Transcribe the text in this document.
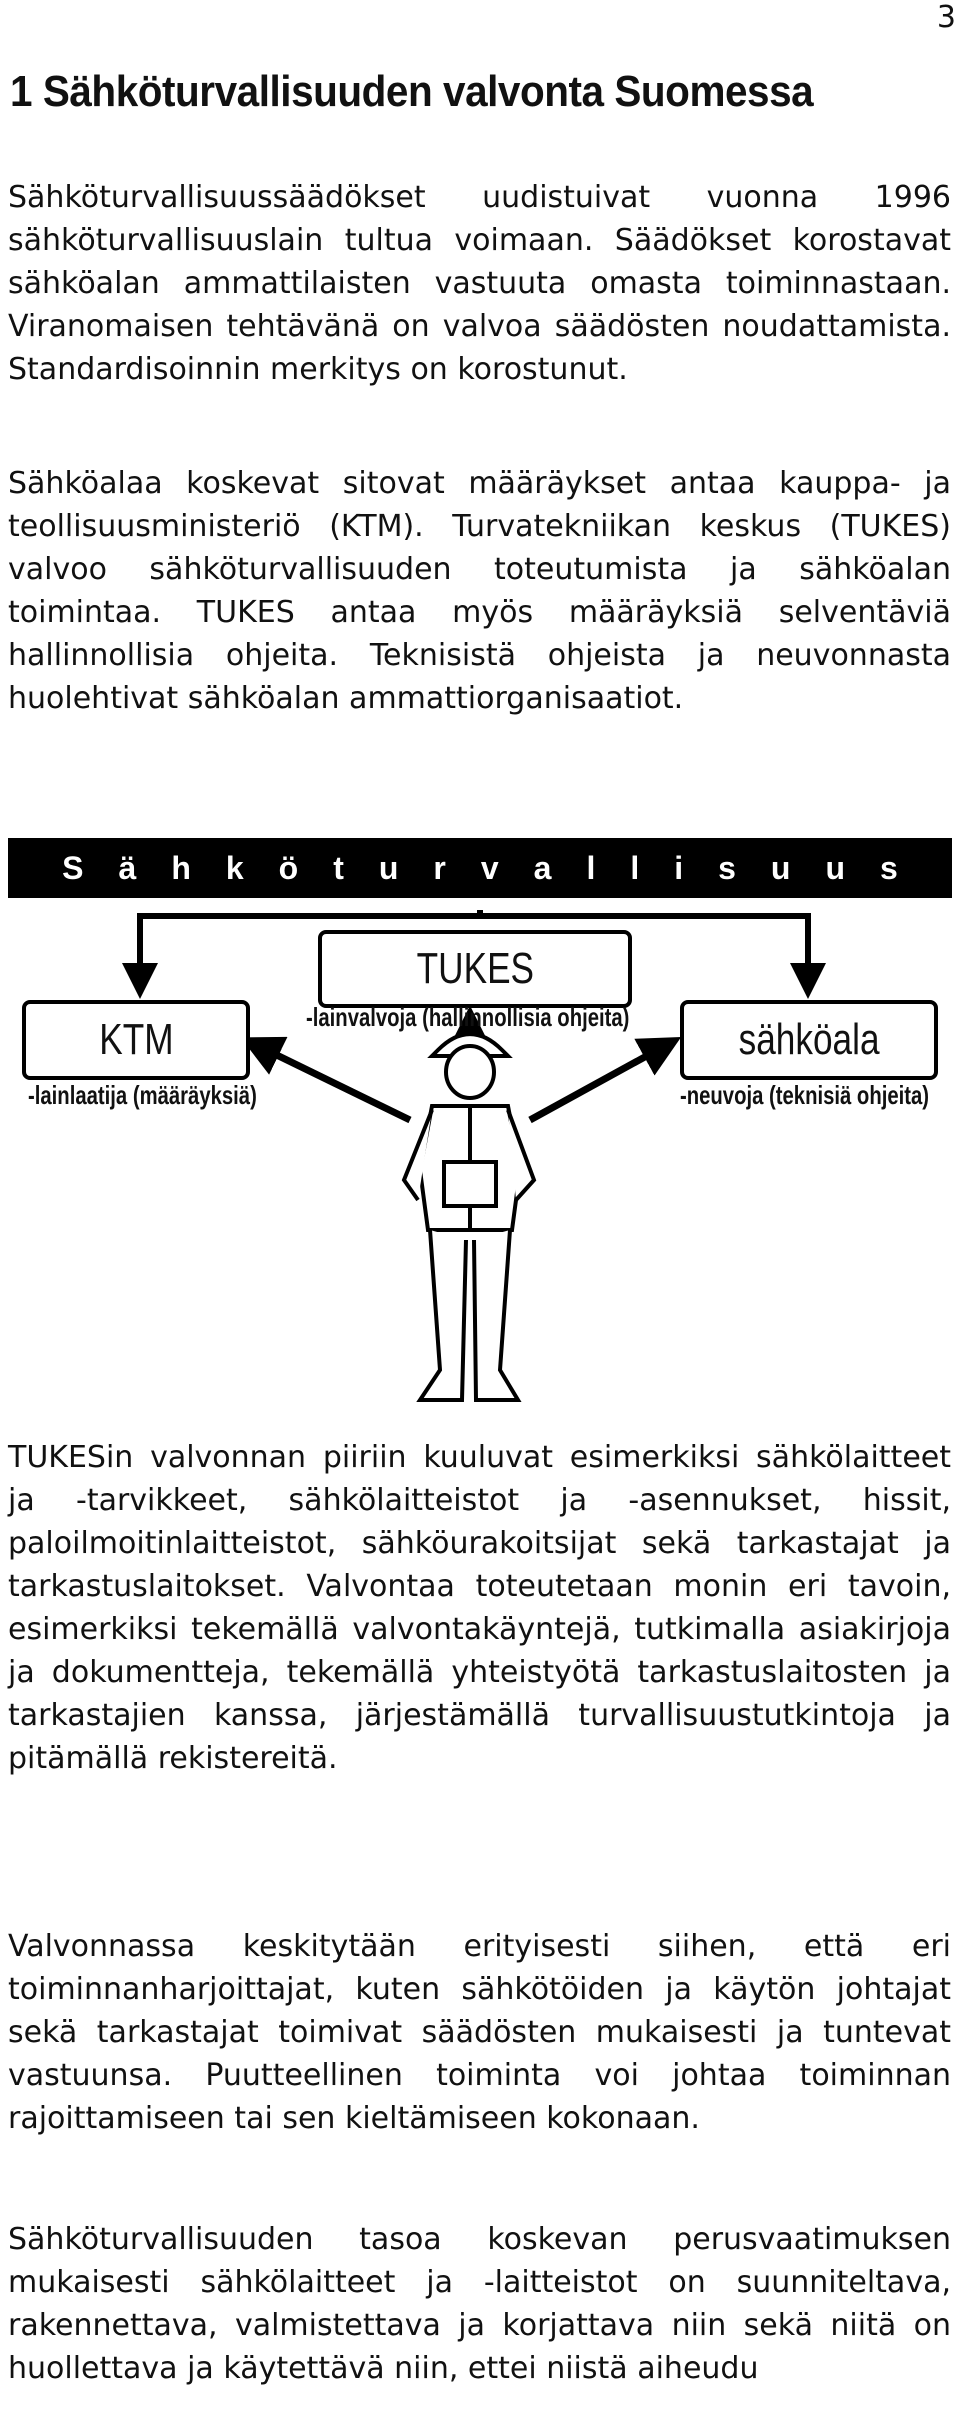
3
1 Sähköturvallisuuden valvonta Suomessa

Sähköturvallisuussäädökset uudistuivat vuonna 1996 sähköturvallisuuslain tultua voimaan. Säädökset korostavat sähköalan ammattilaisten vastuuta omasta toiminnastaan. Viranomaisen tehtävänä on valvoa säädösten noudattamista. Standardisoinnin merkitys on korostunut.

Sähköalaa koskevat sitovat määräykset antaa kauppa- ja teollisuusministeriö (KTM). Turvatekniikan keskus (TUKES) valvoo sähköturvallisuuden toteutumista ja sähköalan toimintaa. TUKES antaa myös määräyksiä selventäviä hallinnollisia ohjeita. Teknisistä ohjeista ja neuvonnasta huolehtivat sähköalan ammattiorganisaatiot.

Sähköturvallisuus
TUKES
KTM	sähköala
-lainlaatija (määräyksiä)
-lainvalvoja (hallinnollisia ohjeita)
-neuvoja (teknisiä ohjeita)

TUKESin valvonnan piiriin kuuluvat esimerkiksi sähkölaitteet ja -tarvikkeet, sähkölaitteistot ja -asennukset, hissit, paloilmoitinlaitteistot, sähköurakoitsijat sekä tarkastajat ja tarkastuslaitokset. Valvontaa toteutetaan monin eri tavoin, esimerkiksi tekemällä valvontakäyntejä, tutkimalla asiakirjoja ja dokumentteja, tekemällä yhteistyötä tarkastuslaitosten ja tarkastajien kanssa, järjestämällä turvallisuustutkintoja ja pitämällä rekistereitä.

Valvonnassa keskitytään erityisesti siihen, että eri toiminnanharjoittajat, kuten sähkötöiden ja käytön johtajat sekä tarkastajat toimivat säädösten mukaisesti ja tuntevat vastuunsa. Puutteellinen toiminta voi johtaa toiminnan rajoittamiseen tai sen kieltämiseen kokonaan.

Sähköturvallisuuden tasoa koskevan perusvaatimuksen mukaisesti sähkölaitteet ja -laitteistot on suunniteltava, rakennettava, valmistettava ja korjattava niin sekä niitä on huollettava ja käytettävä niin, ettei niistä aiheudu
